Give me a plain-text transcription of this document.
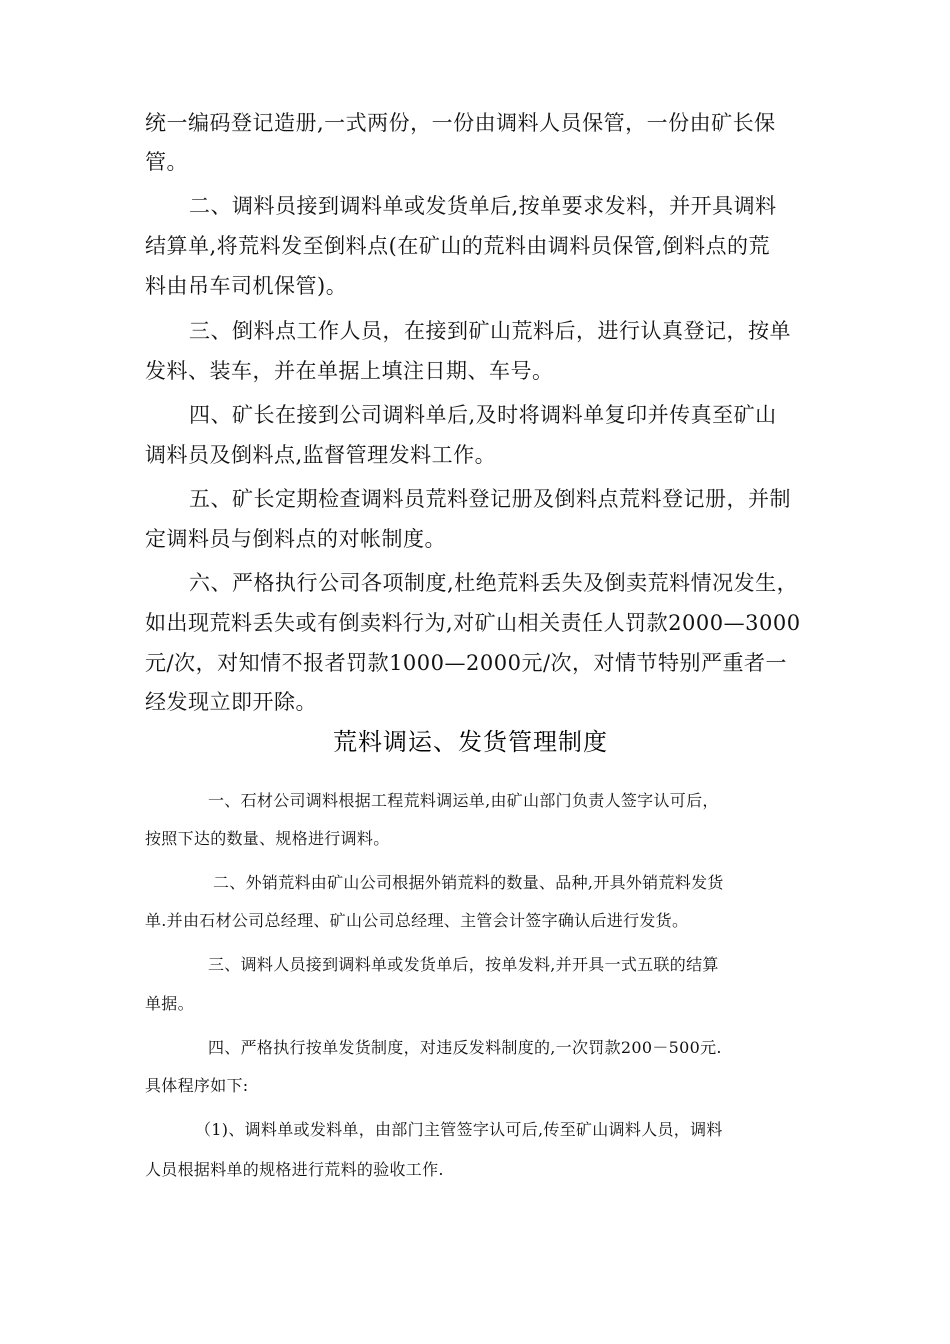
统一编码登记造册,一式两份，一份由调料人员保管，一份由矿长保
管。
二、调料员接到调料单或发货单后,按单要求发料，并开具调料
结算单,将荒料发至倒料点(在矿山的荒料由调料员保管,倒料点的荒
料由吊车司机保管)。
三、倒料点工作人员，在接到矿山荒料后，进行认真登记，按单
发料、装车，并在单据上填注日期、车号。
四、矿长在接到公司调料单后,及时将调料单复印并传真至矿山
调料员及倒料点,监督管理发料工作。
五、矿长定期检查调料员荒料登记册及倒料点荒料登记册，并制
定调料员与倒料点的对帐制度。
六、严格执行公司各项制度,杜绝荒料丢失及倒卖荒料情况发生，
如出现荒料丢失或有倒卖料行为,对矿山相关责任人罚款2000—3000
元/次，对知情不报者罚款1000—2000元/次，对情节特别严重者一
经发现立即开除。
荒料调运、发货管理制度
一、石材公司调料根据工程荒料调运单,由矿山部门负责人签字认可后，
按照下达的数量、规格进行调料。
二、外销荒料由矿山公司根据外销荒料的数量、品种,开具外销荒料发货
单.并由石材公司总经理、矿山公司总经理、主管会计签字确认后进行发货。
三、调料人员接到调料单或发货单后，按单发料,并开具一式五联的结算
单据。
四、严格执行按单发货制度，对违反发料制度的,一次罚款200－500元.
具体程序如下:
（1)、调料单或发料单，由部门主管签字认可后,传至矿山调料人员，调料
人员根据料单的规格进行荒料的验收工作.
